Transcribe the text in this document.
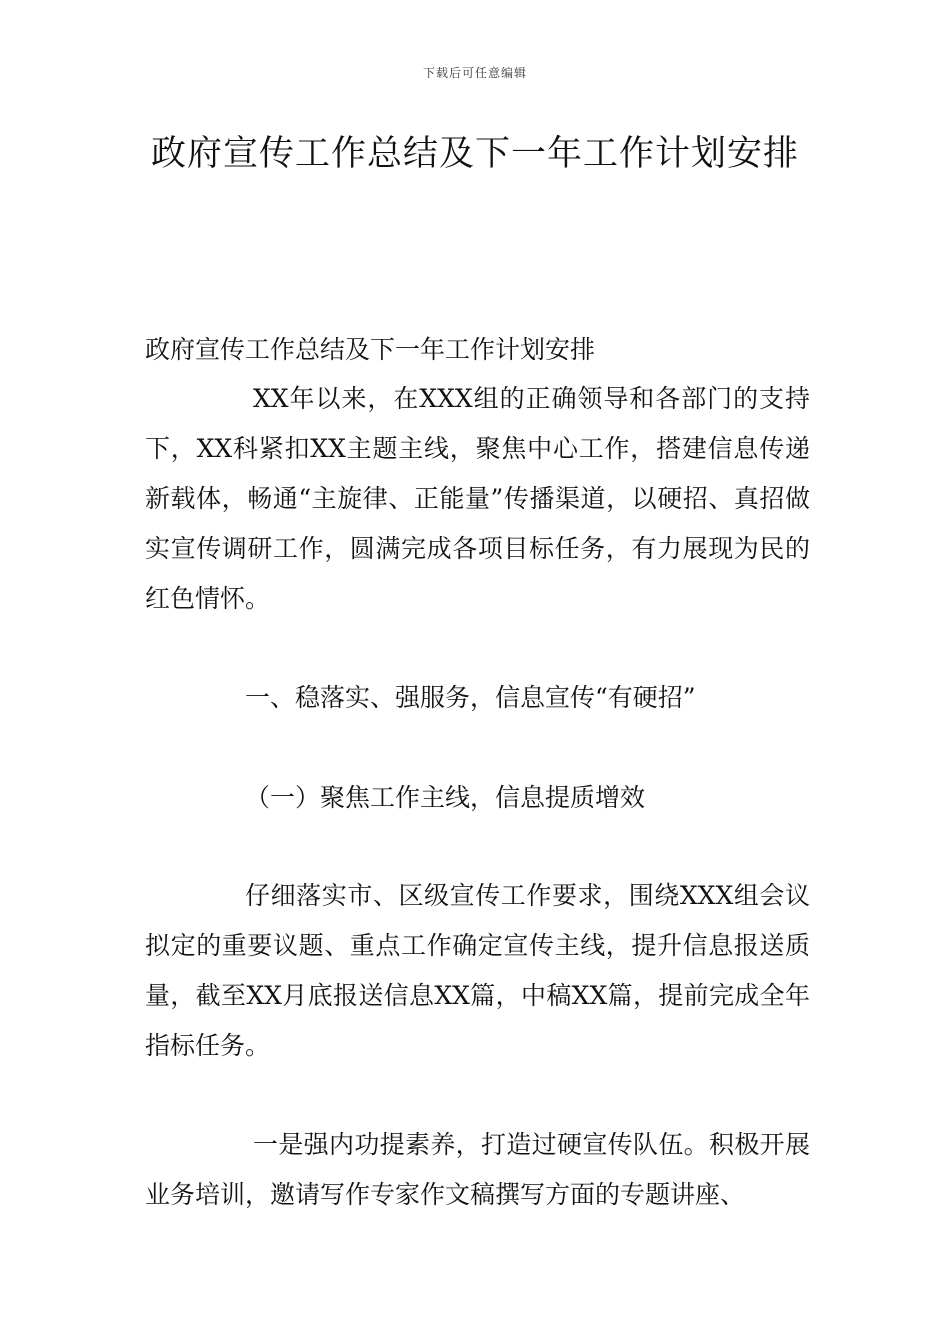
下载后可任意编辑
政府宣传工作总结及下一年工作计划安排

政府宣传工作总结及下一年工作计划安排

XX年以来，在XXX组的正确领导和各部门的支持下，XX科紧扣XX主题主线，聚焦中心工作，搭建信息传递新载体，畅通“主旋律、正能量”传播渠道，以硬招、真招做实宣传调研工作，圆满完成各项目标任务，有力展现为民的红色情怀。

一、稳落实、强服务，信息宣传“有硬招”

（一）聚焦工作主线，信息提质增效

仔细落实市、区级宣传工作要求，围绕XXX组会议拟定的重要议题、重点工作确定宣传主线，提升信息报送质量，截至XX月底报送信息XX篇，中稿XX篇，提前完成全年指标任务。

一是强内功提素养，打造过硬宣传队伍。积极开展业务培训，邀请写作专家作文稿撰写方面的专题讲座、
